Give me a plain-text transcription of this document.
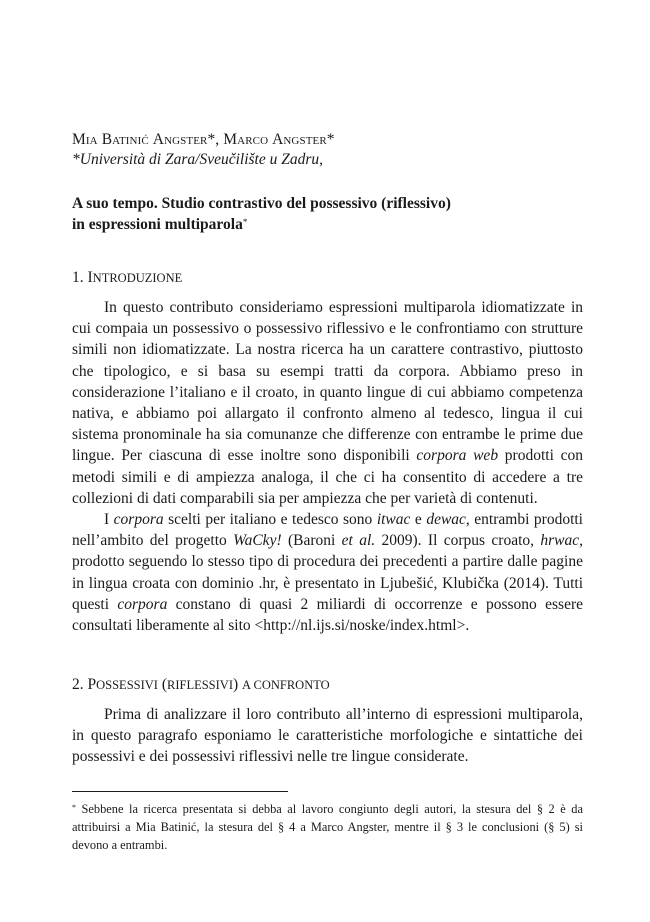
Mia Batinić Angster*, Marco Angster*
*Università di Zara/Sveučilište u Zadru,
A suo tempo. Studio contrastivo del possessivo (riflessivo)
in espressioni multiparola*
1. INTRODUZIONE

In questo contributo consideriamo espressioni multiparola idiomatizzate in cui compaia un possessivo o possessivo riflessivo e le confrontiamo con strutture simili non idiomatizzate. La nostra ricerca ha un carattere contrastivo, piuttosto che tipologico, e si basa su esempi tratti da corpora. Abbiamo preso in considerazione l’italiano e il croato, in quanto lingue di cui abbiamo competenza nativa, e abbiamo poi allargato il confronto almeno al tedesco, lingua il cui sistema pronominale ha sia comunanze che differenze con entrambe le prime due lingue. Per ciascuna di esse inoltre sono disponibili corpora web prodotti con metodi simili e di ampiezza analoga, il che ci ha consentito di accedere a tre collezioni di dati comparabili sia per ampiezza che per varietà di contenuti.

I corpora scelti per italiano e tedesco sono itwac e dewac, entrambi prodotti nell’ambito del progetto WaCky! (Baroni et al. 2009). Il corpus croato, hrwac, prodotto seguendo lo stesso tipo di procedura dei precedenti a partire dalle pagine in lingua croata con dominio .hr, è presentato in Ljubešić, Klubička (2014). Tutti questi corpora constano di quasi 2 miliardi di occorrenze e possono essere consultati liberamente al sito <http://nl.ijs.si/noske/index.html>.

2. POSSESSIVI (RIFLESSIVI) A CONFRONTO

Prima di analizzare il loro contributo all’interno di espressioni multiparola, in questo paragrafo esponiamo le caratteristiche morfologiche e sintattiche dei possessivi e dei possessivi riflessivi nelle tre lingue considerate.

* Sebbene la ricerca presentata si debba al lavoro congiunto degli autori, la stesura del § 2 è da attribuirsi a Mia Batinić, la stesura del § 4 a Marco Angster, mentre il § 3 le conclusioni (§ 5) si devono a entrambi.
